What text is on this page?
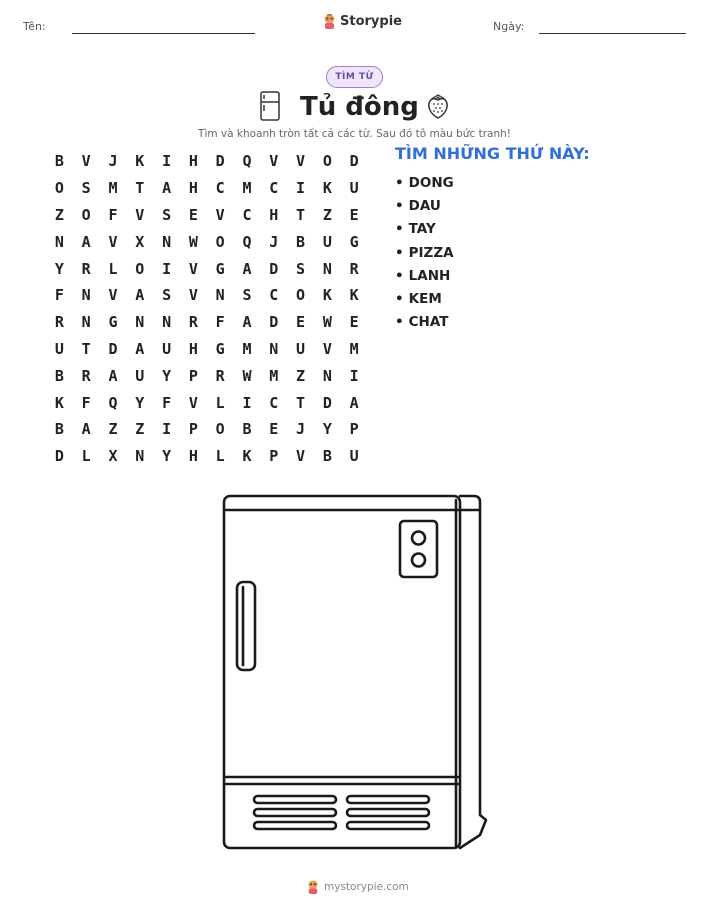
Tên:	Storypie	Ngày:
TÌM TỪ
Tủ đông
Tìm và khoanh tròn tất cả các từ. Sau đó tô màu bức tranh!
B	V	J	K	I	H	D	Q	V	V	O	D
O	S	M	T	A	H	C	M	C	I	K	U
Z	O	F	V	S	E	V	C	H	T	Z	E
N	A	V	X	N	W	O	Q	J	B	U	G
Y	R	L	O	I	V	G	A	D	S	N	R
F	N	V	A	S	V	N	S	C	O	K	K
R	N	G	N	N	R	F	A	D	E	W	E
U	T	D	A	U	H	G	M	N	U	V	M
B	R	A	U	Y	P	R	W	M	Z	N	I
K	F	Q	Y	F	V	L	I	C	T	D	A
B	A	Z	Z	I	P	O	B	E	J	Y	P
D	L	X	N	Y	H	L	K	P	V	B	U
TÌM NHỮNG THỨ NÀY:
• DONG
• DAU
• TAY
• PIZZA
• LANH
• KEM
• CHAT
mystorypie.com
